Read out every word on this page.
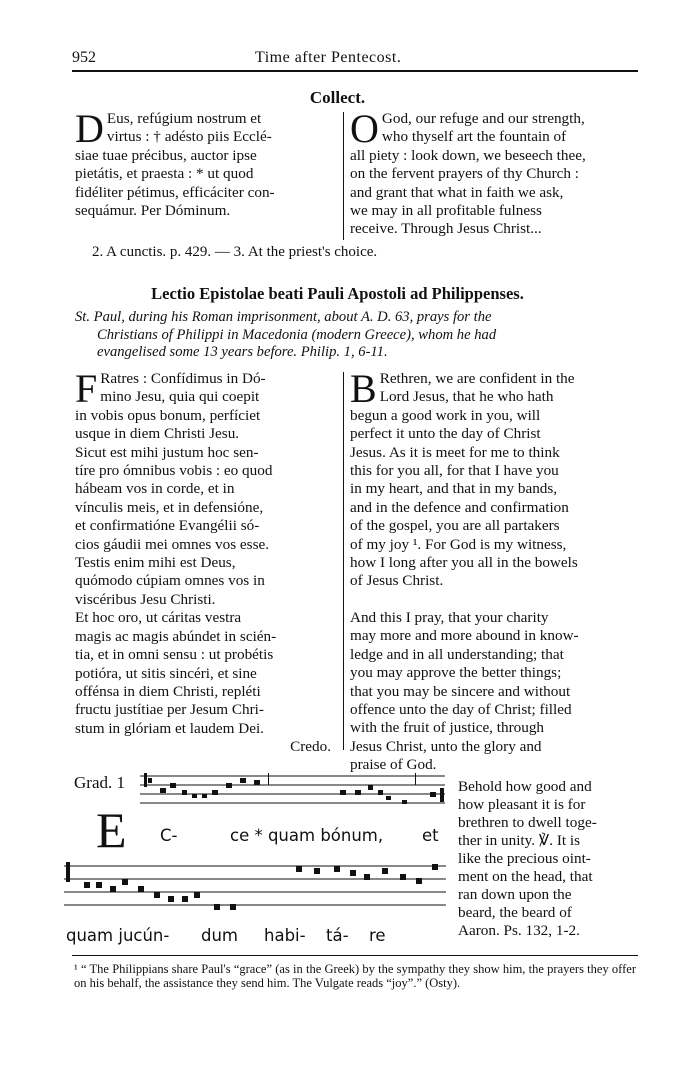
952	Time after Pentecost.
Collect.
D Eus, refúgium nostrum et
virtus : † adésto piis Ecclé-
siae tuae précibus, auctor ipse
pietátis, et praesta : * ut quod
fidéliter pétimus, efficáciter con-
sequámur. Per Dóminum.
O God, our refuge and our strength,
who thyself art the fountain of
all piety : look down, we beseech thee,
on the fervent prayers of thy Church :
and grant that what in faith we ask,
we may in all profitable fulness
receive. Through Jesus Christ...
2. A cunctis. p. 429. — 3. At the priest's choice.
Lectio Epistolae beati Pauli Apostoli ad Philippenses.
St. Paul, during his Roman imprisonment, about A. D. 63, prays for the
Christians of Philippi in Macedonia (modern Greece), whom he had
evangelised some 13 years before. Philip. 1, 6-11.
F Ratres : Confídimus in Dó-
mino Jesu, quia qui coepit
in vobis opus bonum, perfíciet
usque in diem Christi Jesu.
Sicut est mihi justum hoc sen-
tíre pro ómnibus vobis : eo quod
hábeam vos in corde, et in
vínculis meis, et in defensióne,
et confirmatióne Evangélii só-
cios gáudii mei omnes vos esse.
Testis enim mihi est Deus,
quómodo cúpiam omnes vos in
viscéribus Jesu Christi.
Et hoc oro, ut cáritas vestra
magis ac magis abúndet in scién-
tia, et in omni sensu : ut probétis
potióra, ut sitis sincéri, et sine
offénsa in diem Christi, repléti
fructu justítiae per Jesum Chri-
stum in glóriam et laudem Dei.
Credo.
B Rethren, we are confident in the
Lord Jesus, that he who hath
begun a good work in you, will
perfect it unto the day of Christ
Jesus. As it is meet for me to think
this for you all, for that I have you
in my heart, and that in my bands,
and in the defence and confirmation
of the gospel, you are all partakers
of my joy ¹. For God is my witness,
how I long after you all in the bowels
of Jesus Christ.
And this I pray, that your charity
may more and more abound in know-
ledge and in all understanding; that
you may approve the better things;
that you may be sincere and without
offence unto the day of Christ; filled
with the fruit of justice, through
Jesus Christ, unto the glory and
praise of God.
Grad. 1
E C-	ce * quam bónum, et
quam jucún- dum habi- tá- re
Behold how good and
how pleasant it is for
brethren to dwell toge-
ther in unity. ℣. It is
like the precious oint-
ment on the head, that
ran down upon the
beard, the beard of
Aaron. Ps. 132, 1-2.
¹ “ The Philippians share Paul's “grace” (as in the Greek) by the sympathy they show him, the prayers they offer on his behalf, the assistance they send him. The Vulgate reads “joy”.” (Osty).
